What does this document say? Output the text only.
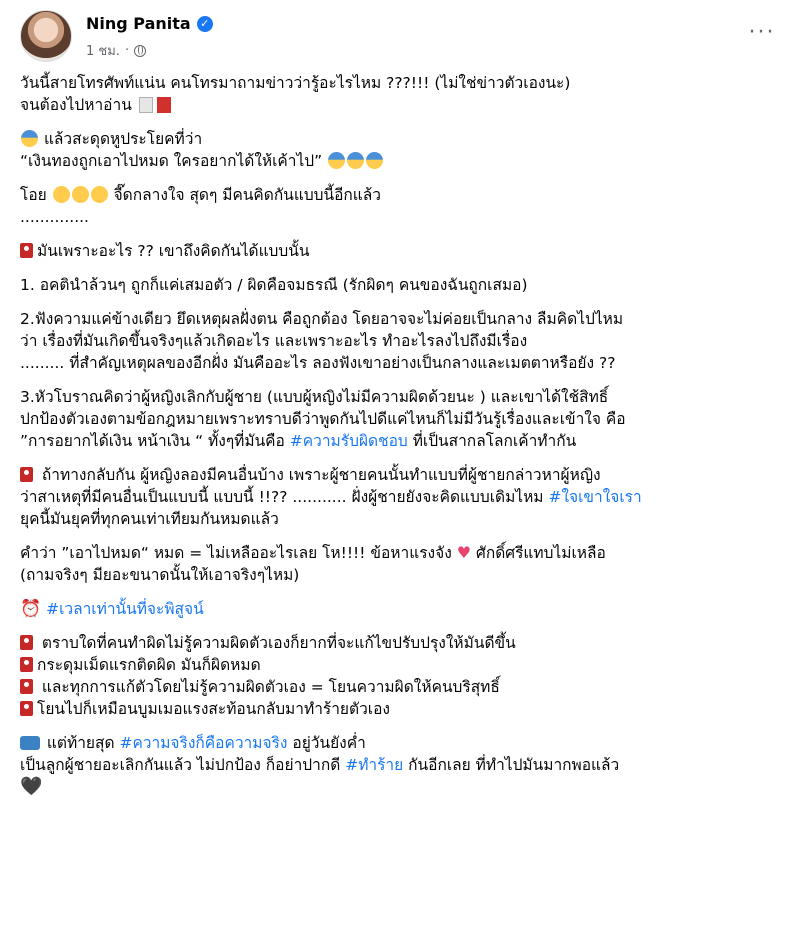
Ning Panita ✓
1 ชม. ·
···

วันนี้สายโทรศัพท์แน่น คนโทรมาถามข่าวว่ารู้อะไรไหม ???!!! (ไม่ใช่ข่าวตัวเองนะ)

จนต้องไปหาอ่าน

แล้วสะดุดหูประโยคที่ว่า

“เงินทองถูกเอาไปหมด ใครอยากได้ให้เค้าไป”

โอย	จี๊ดกลางใจ สุดๆ มีคนคิดกันแบบนี้อีกแล้ว

..............

มันเพราะอะไร ?? เขาถึงคิดกันได้แบบนั้น

1. อคตินำล้วนๆ ถูกก็แค่เสมอตัว / ผิดคือจมธรณี (รักผิดๆ คนของฉันถูกเสมอ)

2.ฟังความแค่ข้างเดียว ยึดเหตุผลฝั่งตน คือถูกต้อง โดยอาจจะไม่ค่อยเป็นกลาง ลืมคิดไปไหม

ว่า เรื่องที่มันเกิดขึ้นจริงๆแล้วเกิดอะไร และเพราะอะไร ทำอะไรลงไปถึงมีเรื่อง

......... ที่สำคัญเหตุผลของอีกฝั่ง มันคืออะไร ลองฟังเขาอย่างเป็นกลางและเมตตาหรือยัง ??

3.หัวโบราณคิดว่าผู้หญิงเลิกกับผู้ชาย (แบบผู้หญิงไม่มีความผิดด้วยนะ ) และเขาได้ใช้สิทธิ์

ปกป้องตัวเองตามข้อกฎหมายเพราะทราบดีว่าพูดกันไปดีแค่ไหนก็ไม่มีวันรู้เรื่องและเข้าใจ คือ

”การอยากได้เงิน หน้าเงิน “ ทั้งๆที่มันคือ #ความรับผิดชอบ ที่เป็นสากลโลกเค้าทำกัน

ถ้าทางกลับกัน ผู้หญิงลองมีคนอื่นบ้าง เพราะผู้ชายคนนั้นทำแบบที่ผู้ชายกล่าวหาผู้หญิง

ว่าสาเหตุที่มีคนอื่นเป็นแบบนี้ แบบนี้ !!?? ........... ฝั่งผู้ชายยังจะคิดแบบเดิมไหม #ใจเขาใจเรา

ยุคนี้มันยุคที่ทุกคนเท่าเทียมกันหมดแล้ว

คำว่า ”เอาไปหมด“ หมด = ไม่เหลืออะไรเลย โห!!!! ข้อหาแรงจัง ♥ ศักดิ์ศรีแทบไม่เหลือ

(ถามจริงๆ มียอะขนาดนั้นให้เอาจริงๆไหม)

⏰ #เวลาเท่านั้นที่จะพิสูจน์

ตราบใดที่คนทำผิดไม่รู้ความผิดตัวเองก็ยากที่จะแก้ไขปรับปรุงให้มันดีขึ้น

กระดุมเม็ดแรกติดผิด มันก็ผิดหมด

และทุกการแก้ตัวโดยไม่รู้ความผิดตัวเอง = โยนความผิดให้คนบริสุทธิ์

โยนไปก็เหมือนบูมเมอแรงสะท้อนกลับมาทำร้ายตัวเอง

แต่ท้ายสุด #ความจริงก็คือความจริง อยู่วันยังค่ำ

เป็นลูกผู้ชายอะเลิกกันแล้ว ไม่ปกป้อง ก็อย่าปากดี #ทำร้าย กันอีกเลย ที่ทำไปมันมากพอแล้ว

🖤
